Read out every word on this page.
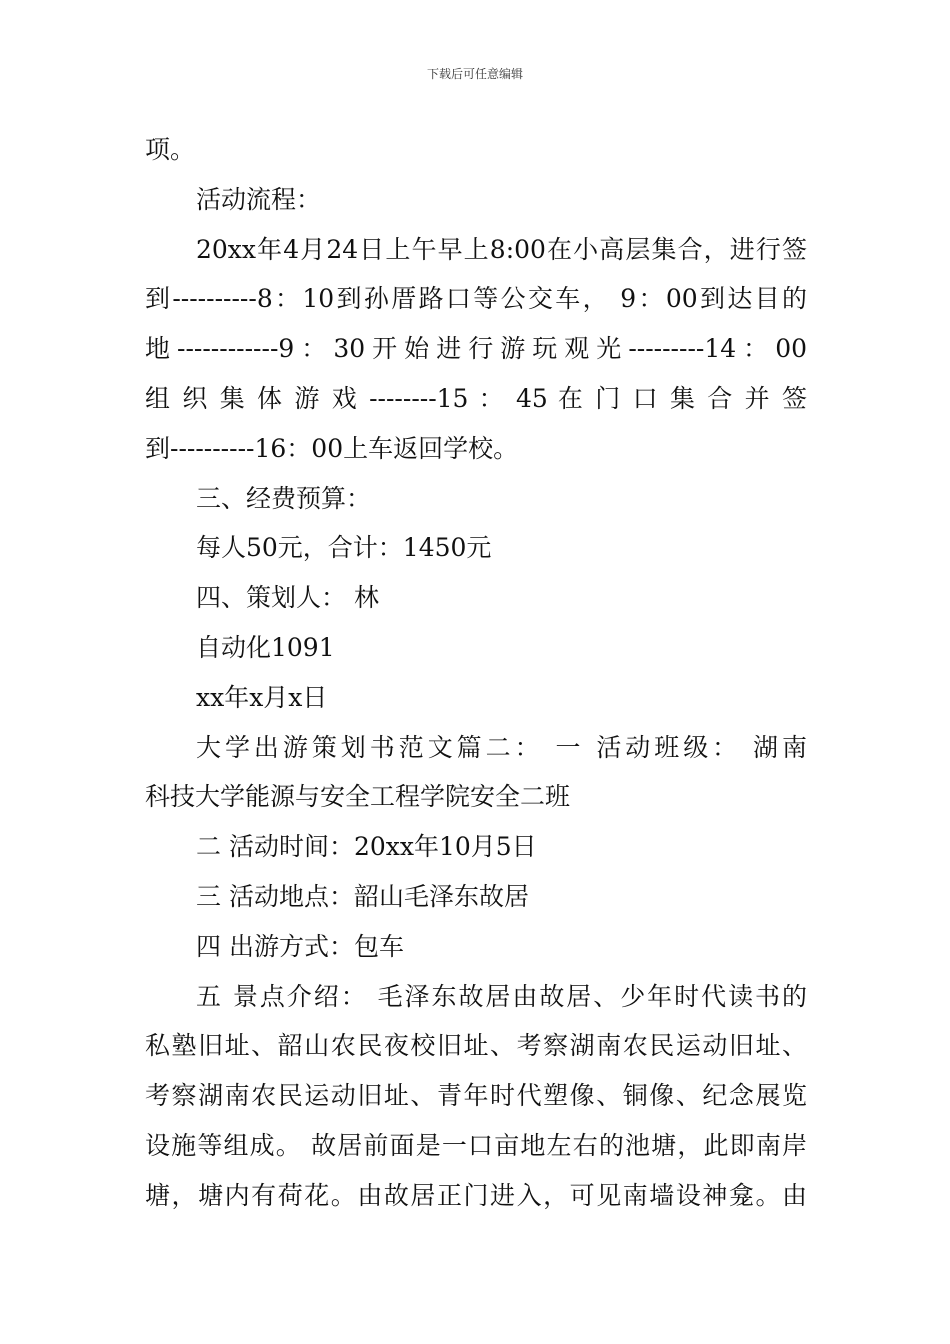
下载后可任意编辑
项。
活动流程：
20xx年4月24日上午早上8:00在小高层集合，进行签
到----------8：10到孙厝路口等公交车， 9：00到达目的
地------------9：30开始进行游玩观光---------14：00
组 织 集 体 游 戏 --------15 ： 45 在 门 口 集 合 并 签
到----------16：00上车返回学校。
三、经费预算：
每人50元，合计：1450元
四、策划人： 林
自动化1091
xx年x月x日
大学出游策划书范文篇二： 一 活动班级： 湖南
科技大学能源与安全工程学院安全二班
二 活动时间：20xx年10月5日
三 活动地点：韶山毛泽东故居
四 出游方式：包车
五 景点介绍： 毛泽东故居由故居、少年时代读书的
私塾旧址、韶山农民夜校旧址、考察湖南农民运动旧址、
考察湖南农民运动旧址、青年时代塑像、铜像、纪念展览
设施等组成。 故居前面是一口亩地左右的池塘，此即南岸
塘，塘内有荷花。由故居正门进入，可见南墙设神龛。由
